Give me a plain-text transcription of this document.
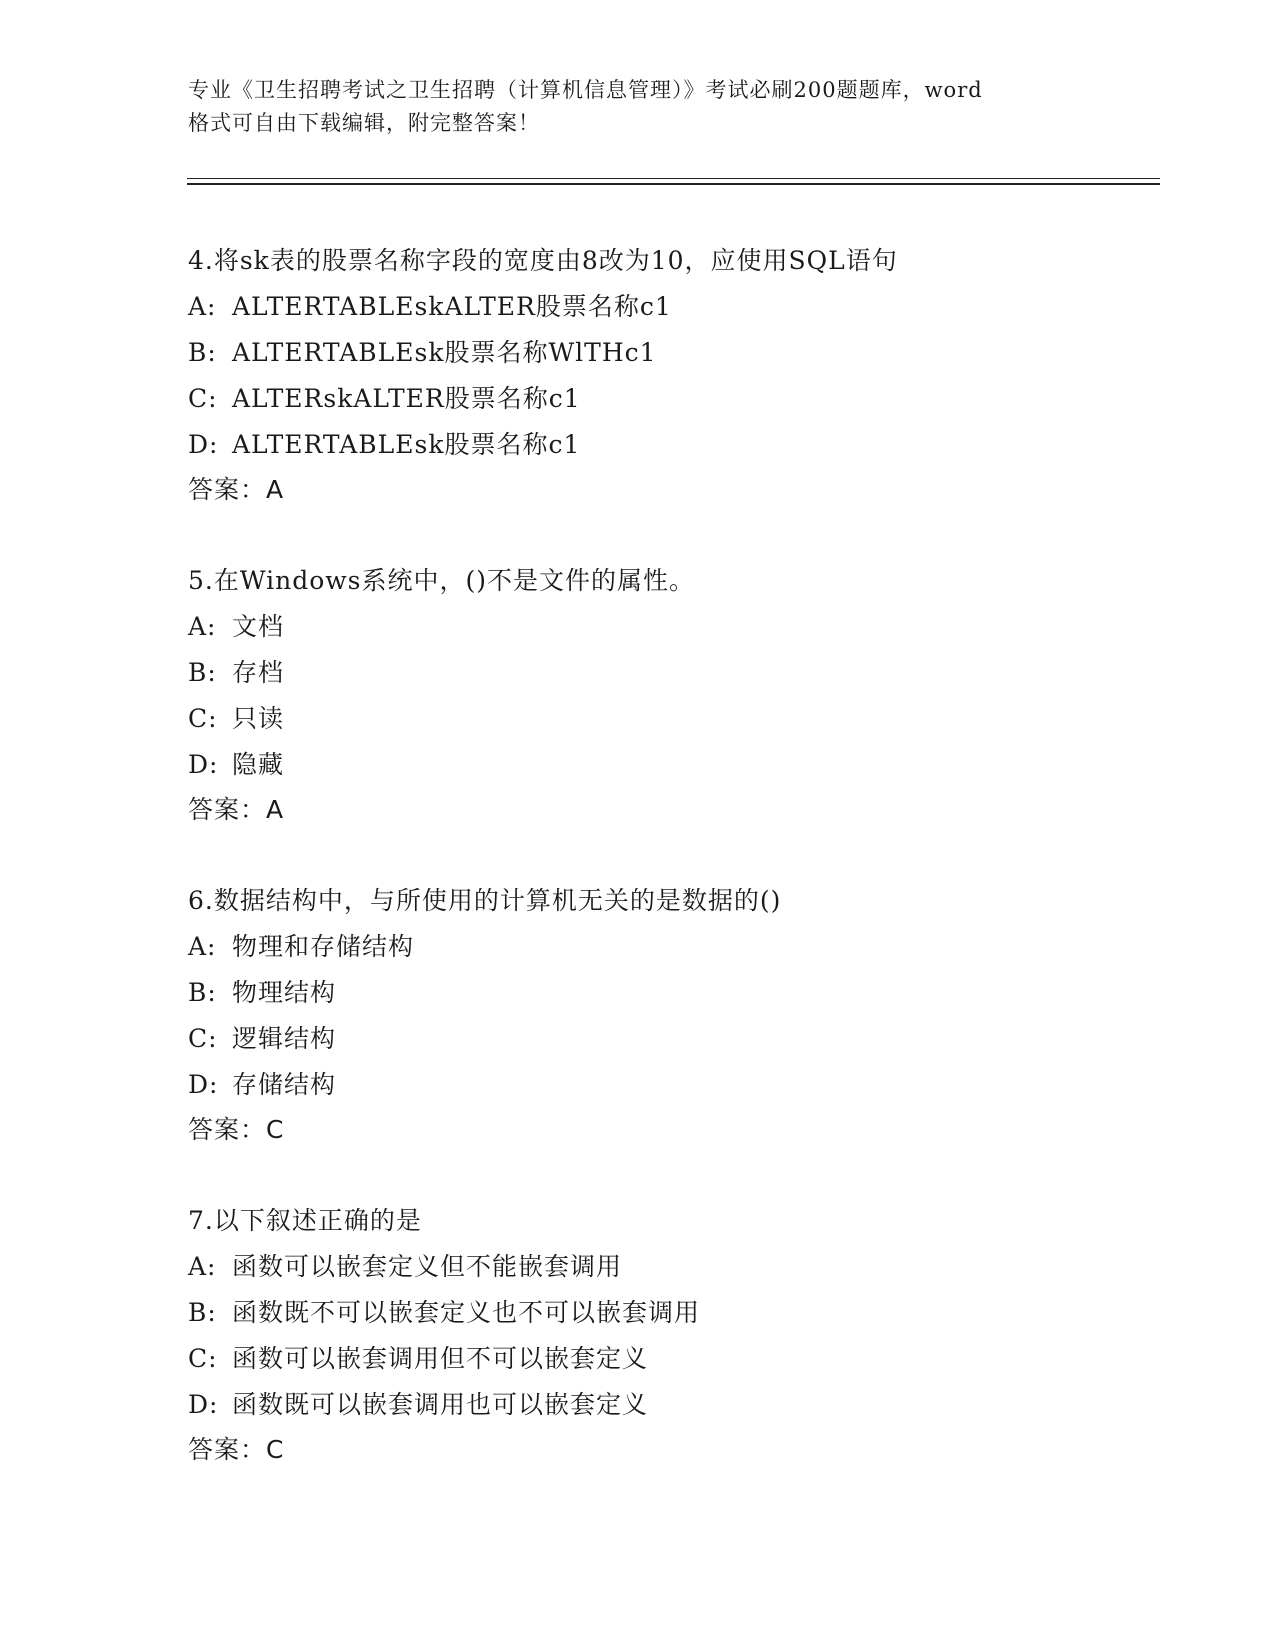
专业《卫生招聘考试之卫生招聘（计算机信息管理）》考试必刷200题题库，word
格式可自由下载编辑，附完整答案！
4.将sk表的股票名称字段的宽度由8改为10，应使用SQL语句
A: ALTERTABLEskALTER股票名称c1
B: ALTERTABLEsk股票名称WlTHc1
C: ALTERskALTER股票名称c1
D: ALTERTABLEsk股票名称c1
答案：A
5.在Windows系统中，()不是文件的属性。
A: 文档
B: 存档
C: 只读
D: 隐藏
答案：A
6.数据结构中，与所使用的计算机无关的是数据的()
A: 物理和存储结构
B: 物理结构
C: 逻辑结构
D: 存储结构
答案：C
7.以下叙述正确的是
A: 函数可以嵌套定义但不能嵌套调用
B: 函数既不可以嵌套定义也不可以嵌套调用
C: 函数可以嵌套调用但不可以嵌套定义
D: 函数既可以嵌套调用也可以嵌套定义
答案：C
